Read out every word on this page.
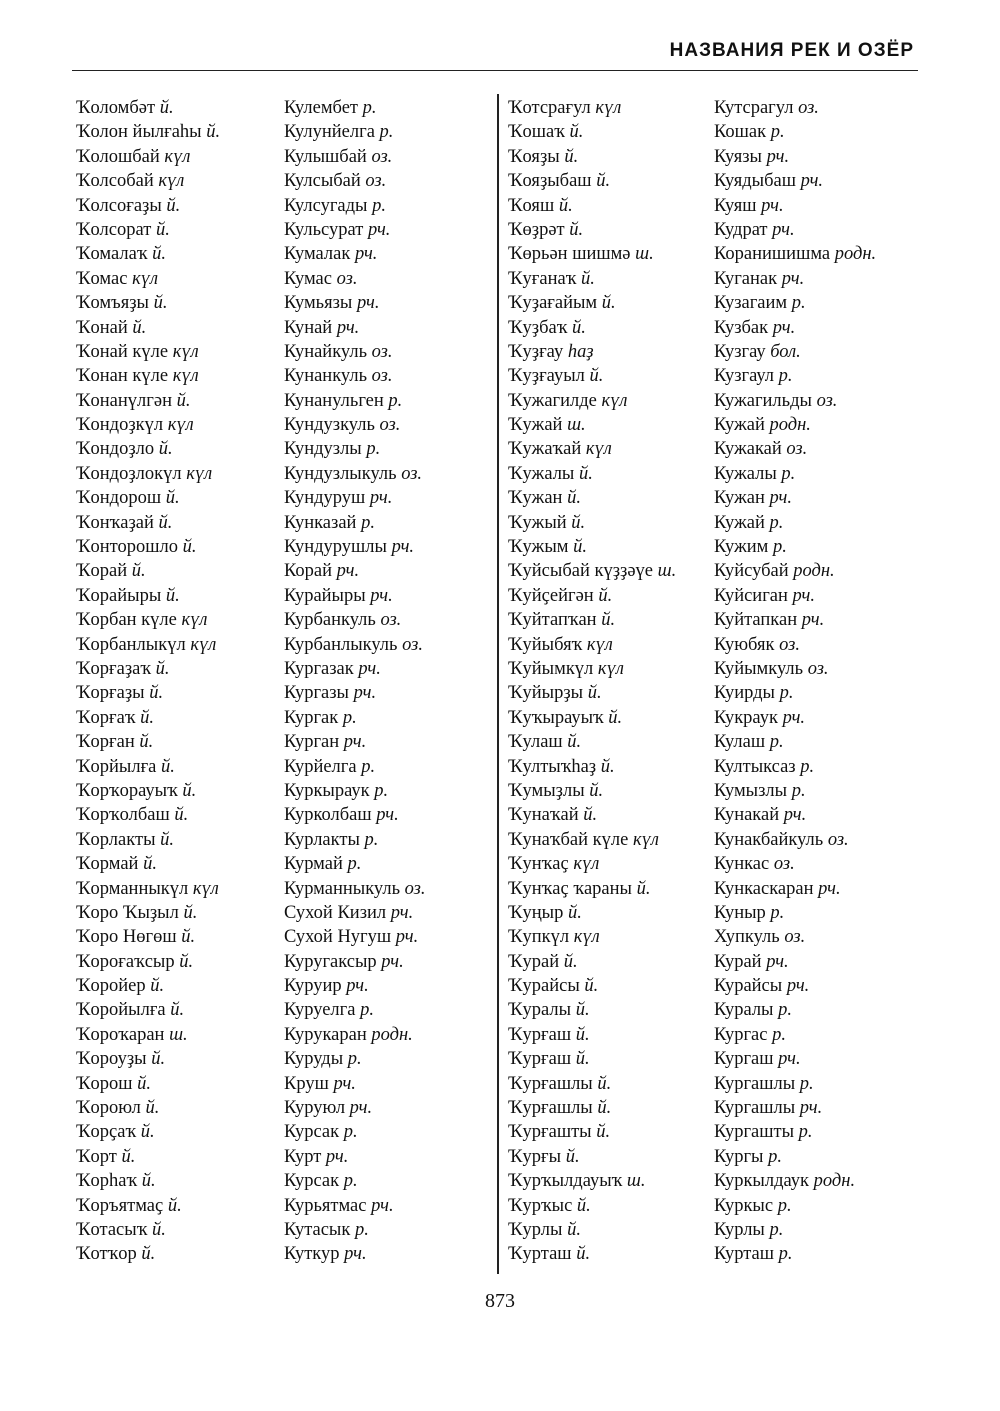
НАЗВАНИЯ РЕК И ОЗЁР
Ҡоломбәт й.
Ҡолон йылғаһы й.
Ҡолошбай күл
Ҡолсобай күл
Ҡолсоғаҙы й.
Ҡолсорат й.
Ҡомалаҡ й.
Ҡомас күл
Ҡомъяҙы й.
Ҡонай й.
Ҡонай күле күл
Ҡонан күле күл
Ҡонанүлгән й.
Ҡондоҙкүл күл
Ҡондоҙло й.
Ҡондоҙлокүл күл
Ҡондорош й.
Ҡонҡаҙай й.
Ҡонторошло й.
Ҡорай й.
Ҡорайыры й.
Ҡорбан күле күл
Ҡорбанлыкүл күл
Ҡорғаҙаҡ й.
Ҡорғаҙы й.
Ҡорғаҡ й.
Ҡорған й.
Ҡорйылға й.
Ҡорҡорауыҡ й.
Ҡорҡолбаш й.
Ҡорлакты й.
Ҡормай й.
Ҡорманныкүл күл
Ҡоро Ҡыҙыл й.
Ҡоро Нөгөш й.
Ҡороғаҡсыр й.
Ҡоройер й.
Ҡоройылға й.
Ҡороҡаран ш.
Ҡороуҙы й.
Ҡорош й.
Ҡороюл й.
Ҡорҫаҡ й.
Ҡорт й.
Ҡорһаҡ й.
Ҡоръятмаҫ й.
Ҡотасыҡ й.
Ҡотҡор й.
Кулембет р.
Кулунйелга р.
Кулышбай оз.
Кулсыбай оз.
Кулсугады р.
Кульсурат рч.
Кумалак рч.
Кумас оз.
Кумьязы рч.
Кунай рч.
Кунайкуль оз.
Кунанкуль оз.
Кунанульген р.
Кундузкуль оз.
Кундузлы р.
Кундузлыкуль оз.
Кундуруш рч.
Кунказай р.
Кундурушлы рч.
Корай рч.
Курайыры рч.
Курбанкуль оз.
Курбанлыкуль оз.
Кургазак рч.
Кургазы рч.
Кургак р.
Курган рч.
Курйелга р.
Куркыраук р.
Курколбаш рч.
Курлакты р.
Курмай р.
Курманныкуль оз.
Сухой Кизил рч.
Сухой Нугуш рч.
Куругаксыр рч.
Куруир рч.
Куруелга р.
Курукаран родн.
Куруды р.
Круш рч.
Куруюл рч.
Курсак р.
Курт рч.
Курсак р.
Курьятмас рч.
Кутасык р.
Куткур рч.
Ҡотсрағул күл
Ҡошаҡ й.
Ҡояҙы й.
Ҡояҙыбаш й.
Ҡояш й.
Ҡөҙрәт й.
Ҡөрьән шишмә ш.
Ҡуғанаҡ й.
Ҡуҙағайым й.
Ҡуҙбаҡ й.
Ҡуҙғау һаҙ
Ҡуҙғауыл й.
Ҡужагилде күл
Ҡужай ш.
Ҡужаҡай күл
Ҡужалы й.
Ҡужан й.
Ҡужый й.
Ҡужым й.
Ҡуйсыбай күҙҙәүе ш.
Ҡуйҫейгән й.
Ҡуйтапҡан й.
Ҡуйыбяҡ күл
Ҡуйымкүл күл
Ҡуйырҙы й.
Ҡуҡырауыҡ й.
Ҡулаш й.
Ҡултыҡһаҙ й.
Ҡумыҙлы й.
Ҡунаҡай й.
Ҡунаҡбай күле күл
Ҡунҡаҫ күл
Ҡунҡаҫ ҡараны й.
Ҡуңыр й.
Ҡупкүл күл
Ҡурай й.
Ҡурайсы й.
Ҡуралы й.
Ҡурғаш й.
Ҡурғаш й.
Ҡурғашлы й.
Ҡурғашлы й.
Ҡурғашты й.
Ҡурғы й.
Ҡурҡылдауыҡ ш.
Ҡурҡыс й.
Ҡурлы й.
Ҡурташ й.
Кутсрагул оз.
Кошак р.
Куязы рч.
Куядыбаш рч.
Куяш рч.
Кудрат рч.
Коранишишма родн.
Куганак рч.
Кузагаим р.
Кузбак рч.
Кузгау бол.
Кузгаул р.
Кужагильды оз.
Кужай родн.
Кужакай оз.
Кужалы р.
Кужан рч.
Кужай р.
Кужим р.
Куйсубай родн.
Куйсиган рч.
Куйтапкан рч.
Куюбяк оз.
Куйымкуль оз.
Куирды р.
Кукраук рч.
Кулаш р.
Култыксаз р.
Кумызлы р.
Кунакай рч.
Кунакбайкуль оз.
Кункас оз.
Кункаскаран рч.
Куныр р.
Хупкуль оз.
Курай рч.
Курайсы рч.
Куралы р.
Кургас р.
Кургаш рч.
Кургашлы р.
Кургашлы рч.
Кургашты р.
Кургы р.
Куркылдаук родн.
Куркыс р.
Курлы р.
Курташ р.
873
